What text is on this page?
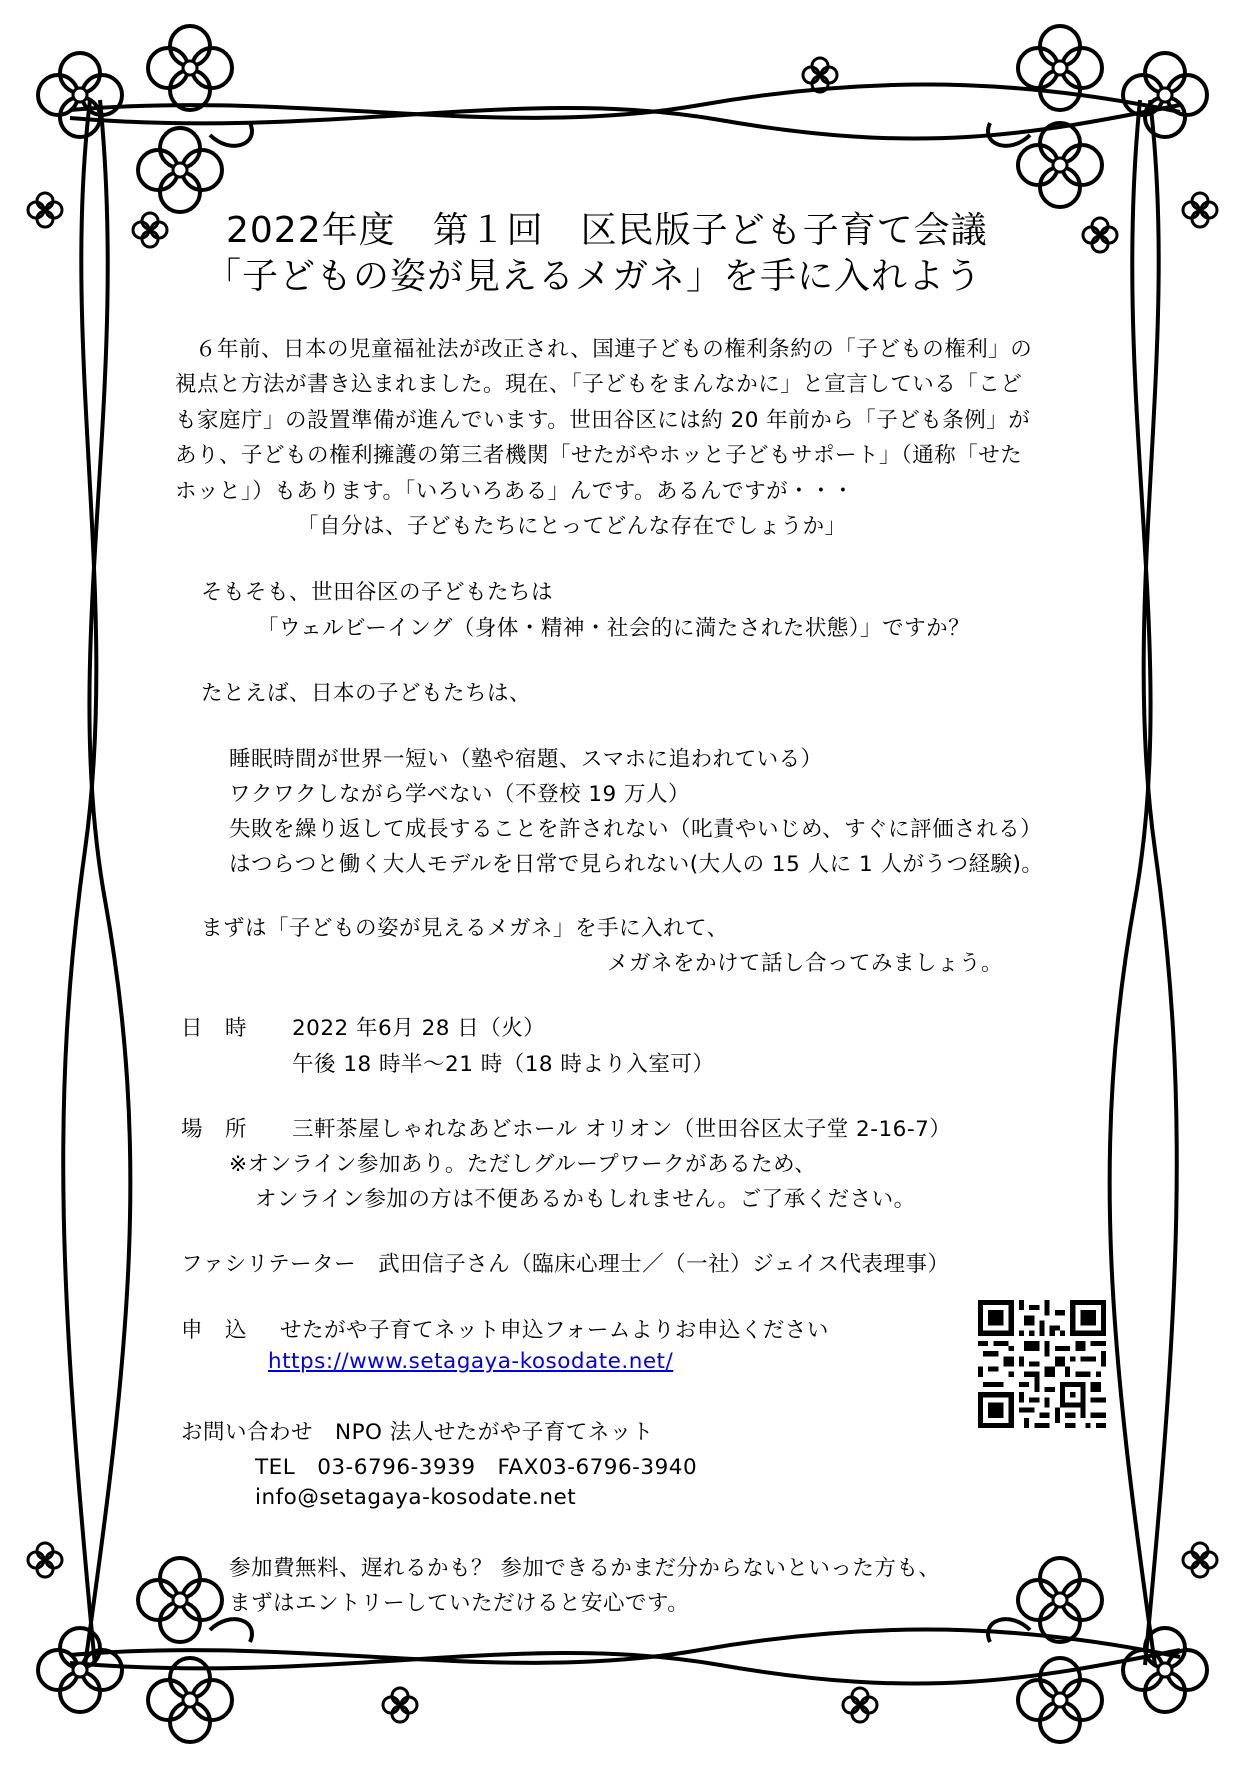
2022年度　第１回　区民版子ども子育て会議
「子どもの姿が見えるメガネ」を手に入れよう

６年前、日本の児童福祉法が改正され、国連子どもの権利条約の「子どもの権利」の

視点と方法が書き込まれました。現在、「子どもをまんなかに」と宣言している「こど

も家庭庁」の設置準備が進んでいます。世田谷区には約 20 年前から「子ども条例」が

あり、子どもの権利擁護の第三者機関「せたがやホッと子どもサポート」（通称「せた

ホッと」）もあります。「いろいろある」んです。あるんですが・・・

「自分は、子どもたちにとってどんな存在でしょうか」

そもそも、世田谷区の子どもたちは

「ウェルビーイング（身体・精神・社会的に満たされた状態）」ですか？

たとえば、日本の子どもたちは、

睡眠時間が世界一短い（塾や宿題、スマホに追われている）

ワクワクしながら学べない（不登校 19 万人）

失敗を繰り返して成長することを許されない（叱責やいじめ、すぐに評価される）

はつらつと働く大人モデルを日常で見られない(大人の 15 人に 1 人がうつ経験)。

まずは「子どもの姿が見えるメガネ」を手に入れて、

メガネをかけて話し合ってみましょう。

日　時 2022 年6月 28 日（火）

午後 18 時半～21 時（18 時より入室可）

場　所 三軒茶屋しゃれなあどホール オリオン（世田谷区太子堂 2-16-7）

※オンライン参加あり。ただしグループワークがあるため、

オンライン参加の方は不便あるかもしれません。ご了承ください。

ファシリテーター　武田信子さん（臨床心理士／（一社）ジェイス代表理事）

申　込 せたがや子育てネット申込フォームよりお申込ください

https://www.setagaya-kosodate.net/

お問い合わせ　NPO 法人せたがや子育てネット

TEL　03-6796-3939　FAX03-6796-3940

info@setagaya-kosodate.net

参加費無料、遅れるかも？ 参加できるかまだ分からないといった方も、

まずはエントリーしていただけると安心です。
